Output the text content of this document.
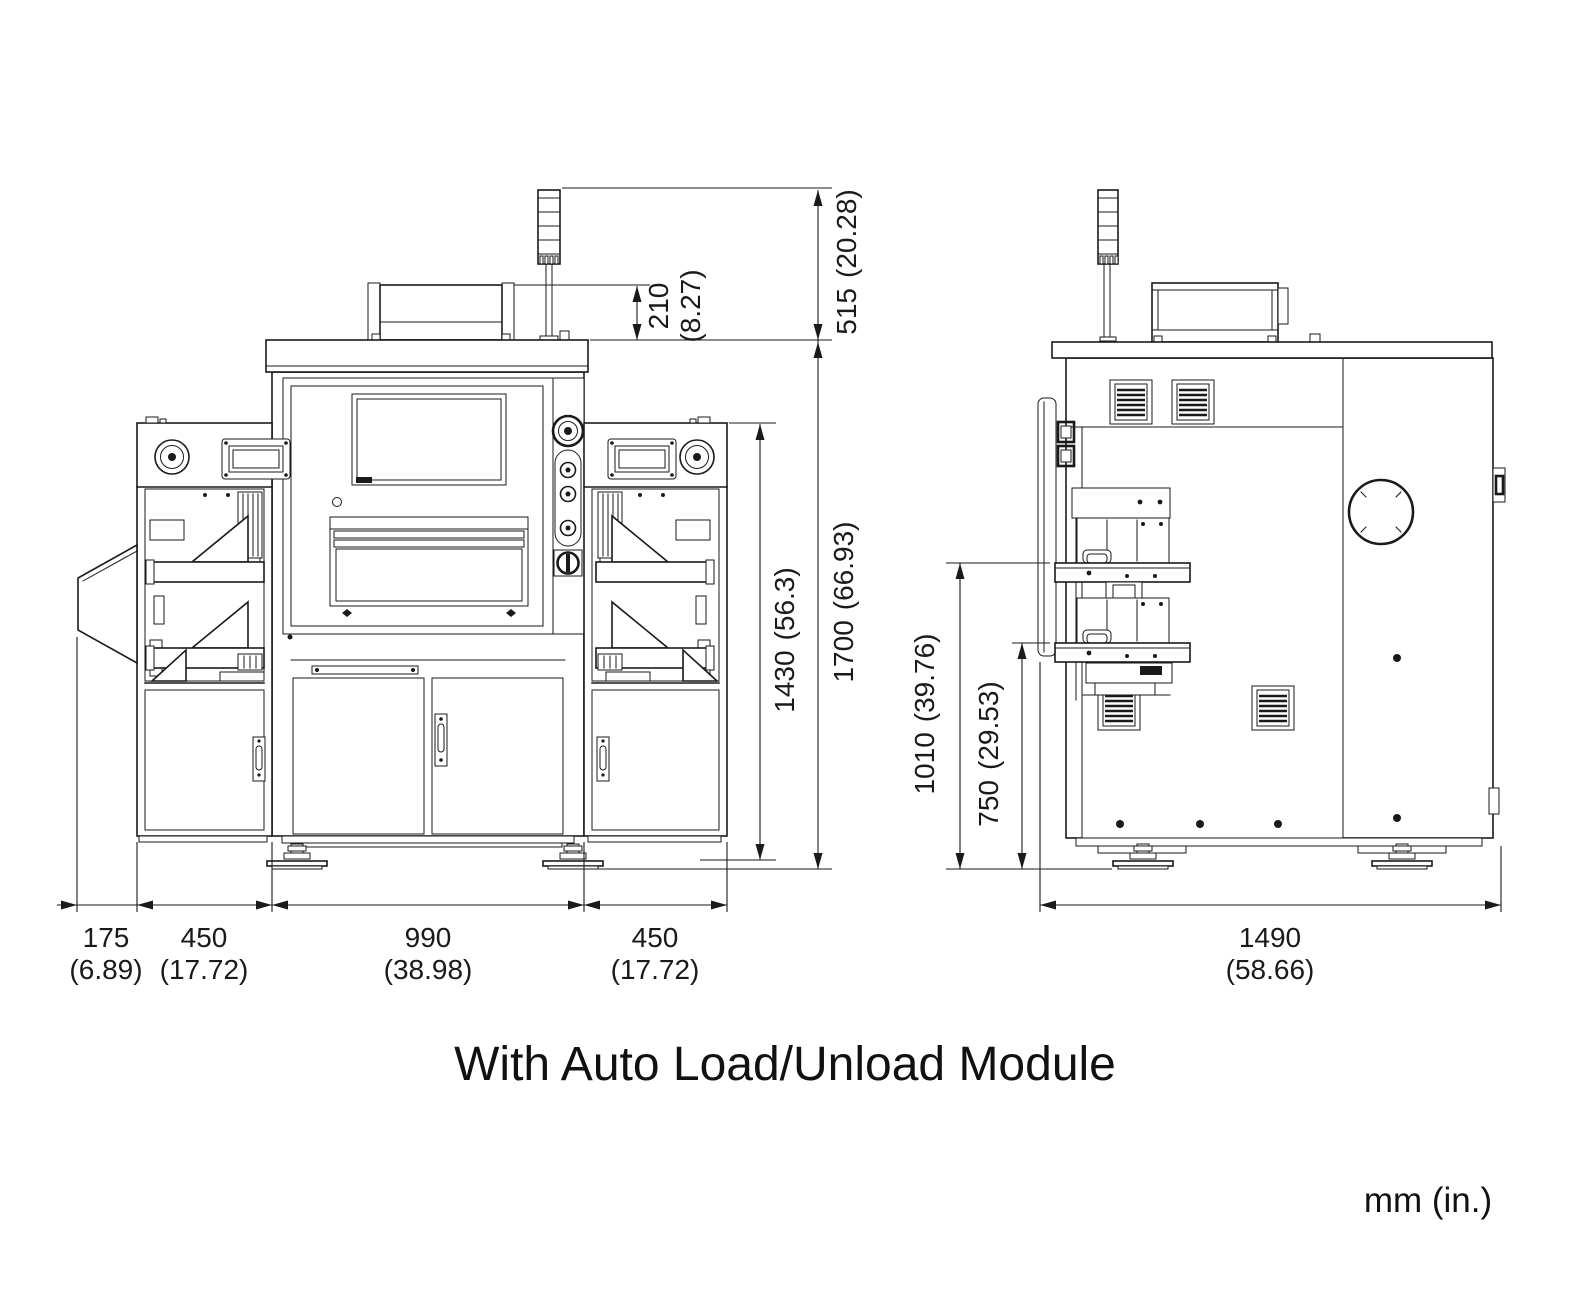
210 (8.27)	515(20.28)
1700(66.93)
1430(56.3)
175
(6.89)
450
(17.72)
990
(38.98)
450
(17.72)
1010(39.76)
750(29.53)
1490
(58.66)
With Auto Load/Unload Module
mm (in.)
